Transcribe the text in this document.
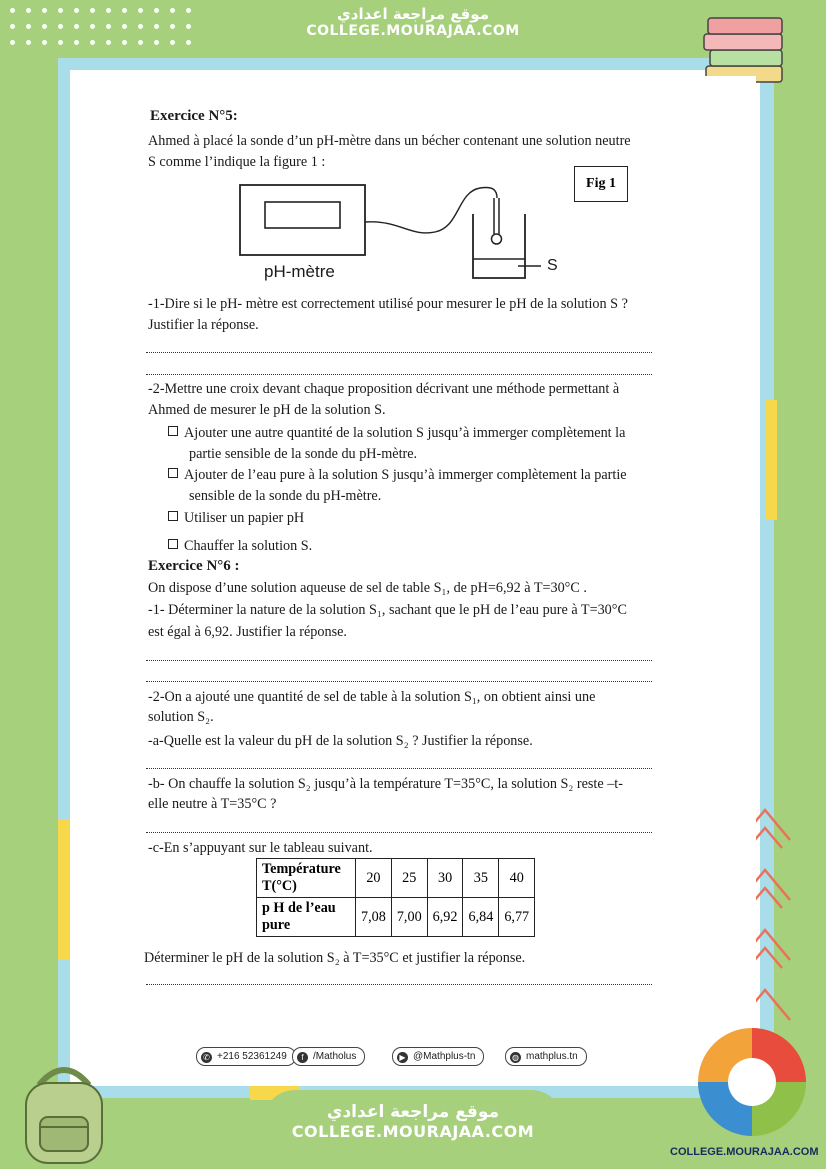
موقع مراجعة اعدادي
COLLEGE.MOURAJAA.COM
Exercice N°5:
Ahmed à placé la sonde d’un pH-mètre dans un bécher contenant une solution neutre
S comme l’indique la figure 1 :
Fig 1
pH-mètre	S
-1-Dire si le pH- mètre est correctement utilisé pour mesurer le pH de la solution S ?
Justifier la réponse.
-2-Mettre une croix devant chaque proposition décrivant une méthode permettant à
Ahmed de mesurer le pH de la solution S.
Ajouter une autre quantité de la solution S jusqu’à immerger complètement la
partie sensible de la sonde du pH-mètre.
Ajouter de l’eau pure à la solution S jusqu’à immerger complètement la partie
sensible de la sonde du pH-mètre.
Utiliser un papier pH
Chauffer la solution S.
Exercice N°6 :
On dispose d’une solution aqueuse de sel de table S₁, de pH=6,92 à T=30°C .
-1- Déterminer la nature de la solution S₁, sachant que le pH de l’eau pure à T=30°C
est égal à 6,92. Justifier la réponse.
-2-On a ajouté une quantité de sel de table à la solution S₁, on obtient ainsi une
solution S₂.
-a-Quelle est la valeur du pH de la solution S₂ ? Justifier la réponse.
-b- On chauffe la solution S₂ jusqu’à la température T=35°C, la solution S₂ reste –t-
elle neutre à T=35°C ?
-c-En s’appuyant sur le tableau suivant.
Température
T(°C)	20	25	30	35	40
p H de l’eau
pure	7,08	7,00	6,92	6,84	6,77
Déterminer le pH de la solution S₂ à T=35°C et justifier la réponse.
✆ +216 52361249	f /Matholus	▶ @Mathplus-tn	◍ mathplus.tn
موقع مراجعة اعدادي
COLLEGE.MOURAJAA.COM
COLLEGE.MOURAJAA.COM
